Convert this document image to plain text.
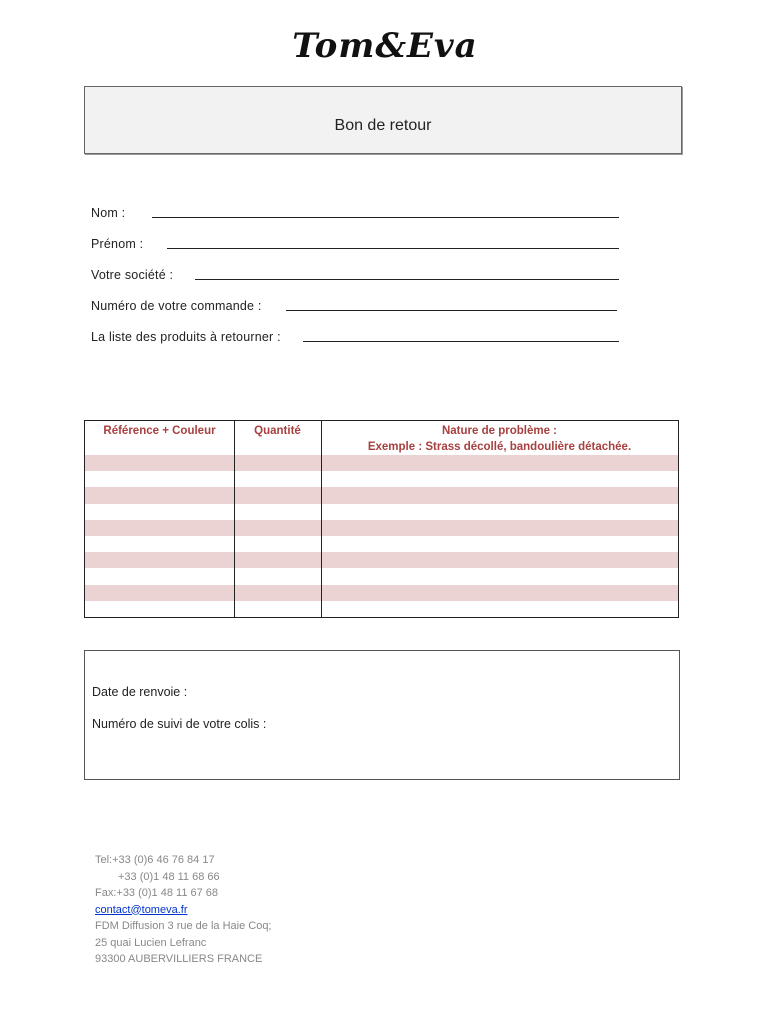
Tom&Eva
Bon de retour
Nom :
Prénom :
Votre société :
Numéro de votre commande :
La liste des produits à retourner :
Référence + Couleur	Quantité	Nature de problème :
Exemple : Strass décollé, bandoulière détachée.
Date de renvoie :
Numéro de suivi de votre colis :
Tel:+33 (0)6 46 76 84 17
+33 (0)1 48 11 68 66
Fax:+33 (0)1 48 11 67 68
contact@tomeva.fr
FDM Diffusion 3 rue de la Haie Coq;
25 quai Lucien Lefranc
93300 AUBERVILLIERS FRANCE
